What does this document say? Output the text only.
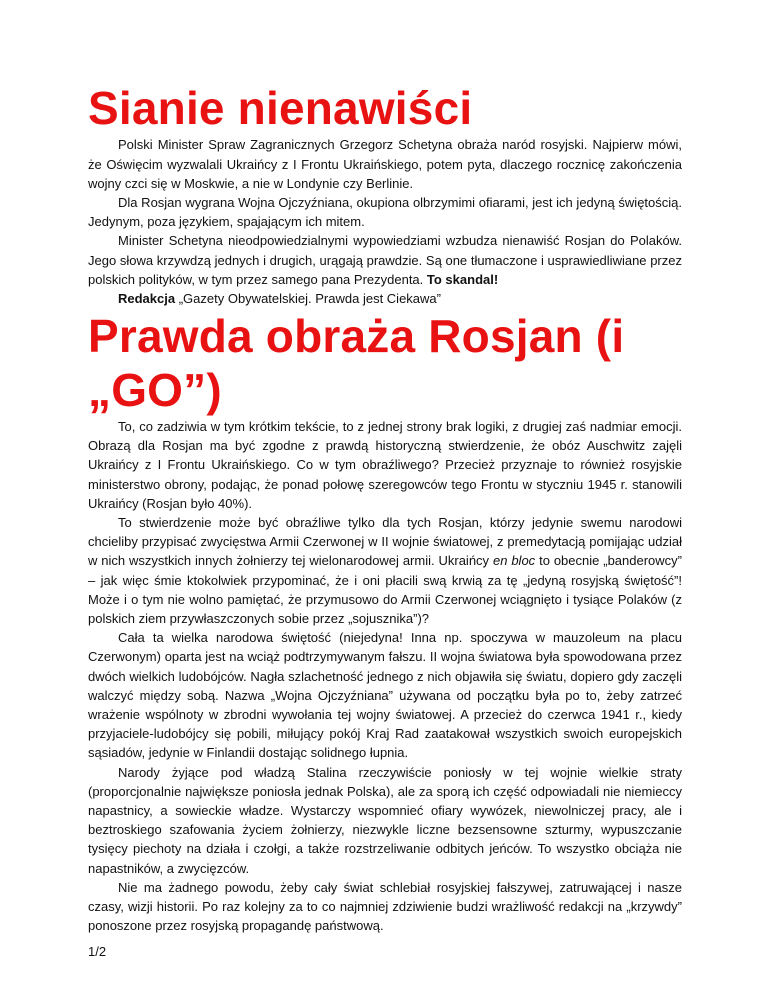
Sianie nienawiści

Polski Minister Spraw Zagranicznych Grzegorz Schetyna obraża naród rosyjski. Najpierw mówi, że Oświęcim wyzwalali Ukraińcy z I Frontu Ukraińskiego, potem pyta, dlaczego rocznicę zakończenia wojny czci się w Moskwie, a nie w Londynie czy Berlinie.

Dla Rosjan wygrana Wojna Ojczyźniana, okupiona olbrzymimi ofiarami, jest ich jedyną świętością. Jedynym, poza językiem, spajającym ich mitem.

Minister Schetyna nieodpowiedzialnymi wypowiedziami wzbudza nienawiść Rosjan do Polaków. Jego słowa krzywdzą jednych i drugich, urągają prawdzie. Są one tłumaczone i usprawiedliwiane przez polskich polityków, w tym przez samego pana Prezydenta. To skandal!

Redakcja „Gazety Obywatelskiej. Prawda jest Ciekawa”

Prawda obraża Rosjan (i „GO”)

To, co zadziwia w tym krótkim tekście, to z jednej strony brak logiki, z drugiej zaś nadmiar emocji. Obrazą dla Rosjan ma być zgodne z prawdą historyczną stwierdzenie, że obóz Auschwitz zajęli Ukraińcy z I Frontu Ukraińskiego. Co w tym obraźliwego? Przecież przyznaje to również rosyjskie ministerstwo obrony, podając, że ponad połowę szeregowców tego Frontu w styczniu 1945 r. stanowili Ukraińcy (Rosjan było 40%).

To stwierdzenie może być obraźliwe tylko dla tych Rosjan, którzy jedynie swemu narodowi chcieliby przypisać zwycięstwa Armii Czerwonej w II wojnie światowej, z premedytacją pomijając udział w nich wszystkich innych żołnierzy tej wielonarodowej armii. Ukraińcy en bloc to obecnie „banderowcy” – jak więc śmie ktokolwiek przypominać, że i oni płacili swą krwią za tę „jedyną rosyjską świętość”! Może i o tym nie wolno pamiętać, że przymusowo do Armii Czerwonej wciągnięto i tysiące Polaków (z polskich ziem przywłaszczonych sobie przez „sojusznika”)?

Cała ta wielka narodowa świętość (niejedyna! Inna np. spoczywa w mauzoleum na placu Czerwonym) oparta jest na wciąż podtrzymywanym fałszu. II wojna światowa była spowodowana przez dwóch wielkich ludobójców. Nagła szlachetność jednego z nich objawiła się światu, dopiero gdy zaczęli walczyć między sobą. Nazwa „Wojna Ojczyźniana” używana od początku była po to, żeby zatrzeć wrażenie wspólnoty w zbrodni wywołania tej wojny światowej. A przecież do czerwca 1941 r., kiedy przyjaciele-ludobójcy się pobili, miłujący pokój Kraj Rad zaatakował wszystkich swoich europejskich sąsiadów, jedynie w Finlandii dostając solidnego łupnia.

Narody żyjące pod władzą Stalina rzeczywiście poniosły w tej wojnie wielkie straty (proporcjonalnie największe poniosła jednak Polska), ale za sporą ich część odpowiadali nie niemieccy napastnicy, a sowieckie władze. Wystarczy wspomnieć ofiary wywózek, niewolniczej pracy, ale i beztroskiego szafowania życiem żołnierzy, niezwykle liczne bezsensowne szturmy, wypuszczanie tysięcy piechoty na działa i czołgi, a także rozstrzeliwanie odbitych jeńców. To wszystko obciąża nie napastników, a zwycięzców.

Nie ma żadnego powodu, żeby cały świat schlebiał rosyjskiej fałszywej, zatruwającej i nasze czasy, wizji historii. Po raz kolejny za to co najmniej zdziwienie budzi wrażliwość redakcji na „krzywdy” ponoszone przez rosyjską propagandę państwową.

1/2
